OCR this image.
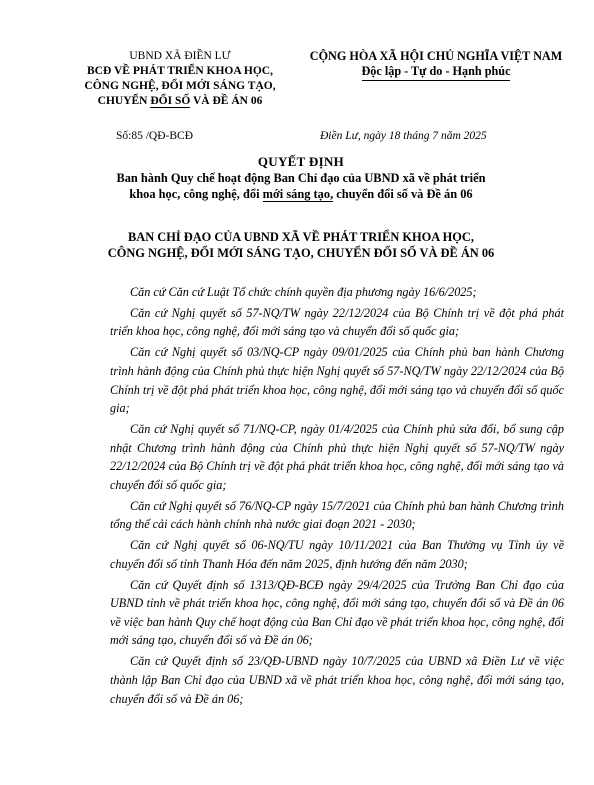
UBND XÃ ĐIỀN LƯ
BCĐ VỀ PHÁT TRIỂN KHOA HỌC,
CÔNG NGHỆ, ĐỔI MỚI SÁNG TẠO,
CHUYỂN ĐỔI SỐ VÀ ĐỀ ÁN 06
CỘNG HÒA XÃ HỘI CHỦ NGHĨA VIỆT NAM
Độc lập - Tự do - Hạnh phúc
Số:85 /QĐ-BCĐ	Điền Lư, ngày 18 tháng 7 năm 2025
QUYẾT ĐỊNH
Ban hành Quy chế hoạt động Ban Chỉ đạo của UBND xã về phát triển
khoa học, công nghệ, đổi mới sáng tạo, chuyển đổi số và Đề án 06
BAN CHỈ ĐẠO CỦA UBND XÃ VỀ PHÁT TRIỂN KHOA HỌC,
CÔNG NGHỆ, ĐỔI MỚI SÁNG TẠO, CHUYỂN ĐỔI SỐ VÀ ĐỀ ÁN 06

Căn cứ Căn cứ Luật Tổ chức chính quyền địa phương ngày 16/6/2025;

Căn cứ Nghị quyết số 57-NQ/TW ngày 22/12/2024 của Bộ Chính trị về đột phá phát triển khoa học, công nghệ, đổi mới sáng tạo và chuyển đổi số quốc gia;

Căn cứ Nghị quyết số 03/NQ-CP ngày 09/01/2025 của Chính phủ ban hành Chương trình hành động của Chính phủ thực hiện Nghị quyết số 57-NQ/TW ngày 22/12/2024 của Bộ Chính trị về đột phá phát triển khoa học, công nghệ, đổi mới sáng tạo và chuyển đổi số quốc gia;

Căn cứ Nghị quyết số 71/NQ-CP, ngày 01/4/2025 của Chính phủ sửa đổi, bổ sung cập nhật Chương trình hành động của Chính phủ thực hiện Nghị quyết số 57-NQ/TW ngày 22/12/2024 của Bộ Chính trị về đột phá phát triển khoa học, công nghệ, đổi mới sáng tạo và chuyển đổi số quốc gia;

Căn cứ Nghị quyết số 76/NQ-CP ngày 15/7/2021 của Chính phủ ban hành Chương trình tổng thể cải cách hành chính nhà nước giai đoạn 2021 - 2030;

Căn cứ Nghị quyết số 06-NQ/TU ngày 10/11/2021 của Ban Thường vụ Tỉnh ủy về chuyển đổi số tỉnh Thanh Hóa đến năm 2025, định hướng đến năm 2030;

Căn cứ Quyết định số 1313/QĐ-BCĐ ngày 29/4/2025 của Trưởng Ban Chỉ đạo của UBND tỉnh về phát triển khoa học, công nghệ, đổi mới sáng tạo, chuyển đổi số và Đề án 06 về việc ban hành Quy chế hoạt động của Ban Chỉ đạo về phát triển khoa học, công nghệ, đổi mới sáng tạo, chuyển đổi số và Đề án 06;

Căn cứ Quyết định số 23/QĐ-UBND ngày 10/7/2025 của UBND xã Điền Lư về việc thành lập Ban Chỉ đạo của UBND xã về phát triển khoa học, công nghệ, đổi mới sáng tạo, chuyển đổi số và Đề án 06;
